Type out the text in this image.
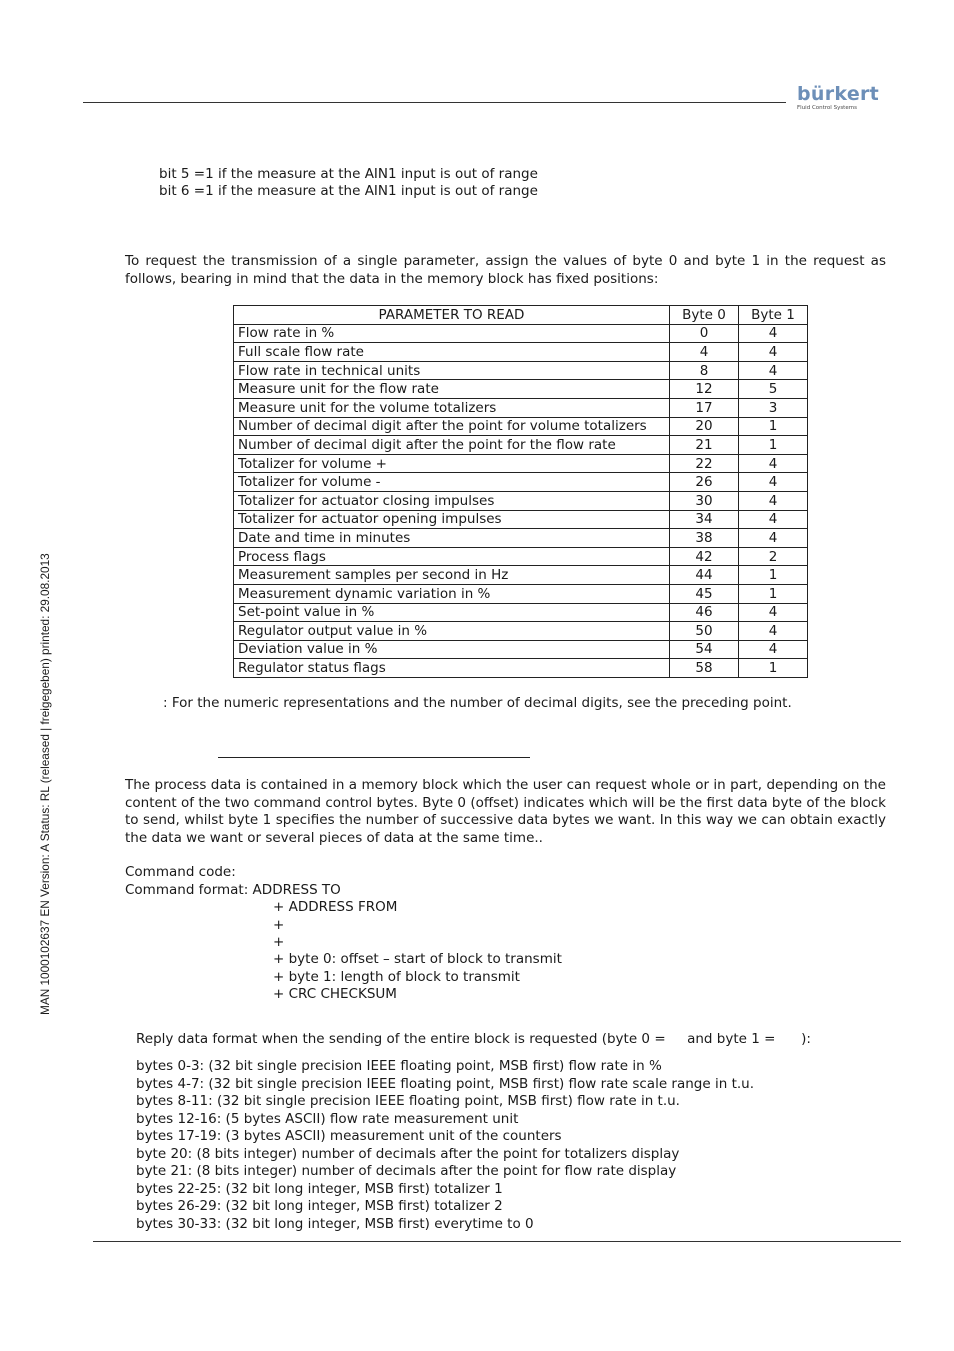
bürkert
Fluid Control Systems
MAN 1000102637 EN Version: A Status: RL (released | freigegeben) printed: 29.08.2013
bit 5 =1 if the measure at the AIN1 input is out of range
bit 6 =1 if the measure at the AIN1 input is out of range
To request the transmission of a single parameter, assign the values of byte 0 and byte 1 in the request as follows, bearing in mind that the data in the memory block has fixed positions:
PARAMETER TO READ	Byte 0	Byte 1
Flow rate in %	0	4
Full scale flow rate	4	4
Flow rate in technical units	8	4
Measure unit for the flow rate	12	5
Measure unit for the volume totalizers	17	3
Number of decimal digit after the point for volume totalizers	20	1
Number of decimal digit after the point for the flow rate	21	1
Totalizer for volume +	22	4
Totalizer for volume -	26	4
Totalizer for actuator closing impulses	30	4
Totalizer for actuator opening impulses	34	4
Date and time in minutes	38	4
Process flags	42	2
Measurement samples per second in Hz	44	1
Measurement dynamic variation in %	45	1
Set-point value in %	46	4
Regulator output value in %	50	4
Deviation value in %	54	4
Regulator status flags	58	1
: For the numeric representations and the number of decimal digits, see the preceding point.
The process data is contained in a memory block which the user can request whole or in part, depending on the content of the two command control bytes. Byte 0 (offset) indicates which will be the first data byte of the block to send, whilst byte 1 specifies the number of successive data bytes we want. In this way we can obtain exactly the data we want or several pieces of data at the same time..
Command code:
Command format: ADDRESS TO
+ ADDRESS FROM
+
+
+ byte 0: offset – start of block to transmit
+ byte 1: length of block to transmit
+ CRC CHECKSUM
Reply data format when the sending of the entire block is requested (byte 0 =     and byte 1 =      ):
bytes 0-3: (32 bit single precision IEEE floating point, MSB first) flow rate in %
bytes 4-7: (32 bit single precision IEEE floating point, MSB first) flow rate scale range in t.u.
bytes 8-11: (32 bit single precision IEEE floating point, MSB first) flow rate in t.u.
bytes 12-16: (5 bytes ASCII) flow rate measurement unit
bytes 17-19: (3 bytes ASCII) measurement unit of the counters
byte 20: (8 bits integer) number of decimals after the point for totalizers display
byte 21: (8 bits integer) number of decimals after the point for flow rate display
bytes 22-25: (32 bit long integer, MSB first) totalizer 1
bytes 26-29: (32 bit long integer, MSB first) totalizer 2
bytes 30-33: (32 bit long integer, MSB first) everytime to 0
